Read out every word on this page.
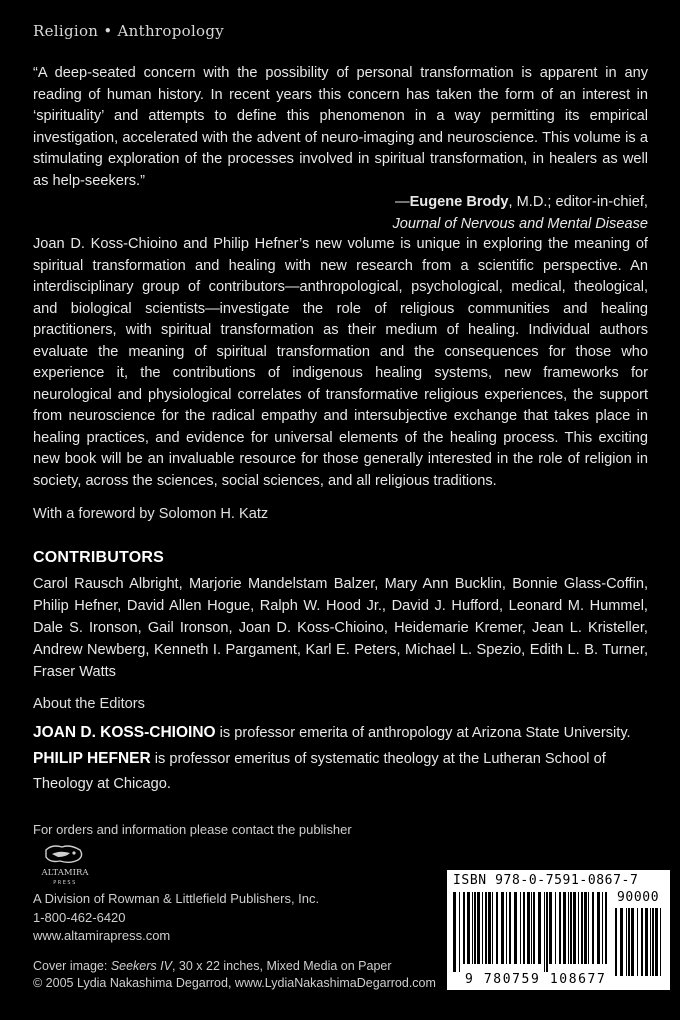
Religion • Anthropology
“A deep-seated concern with the possibility of personal transformation is apparent in any reading of human history. In recent years this concern has taken the form of an interest in ‘spirituality’ and attempts to define this phenomenon in a way permitting its empirical investigation, accelerated with the advent of neuro-imaging and neuroscience. This volume is a stimulating exploration of the processes involved in spiritual transformation, in healers as well as help-seekers.”
—Eugene Brody, M.D.; editor-in-chief,
Journal of Nervous and Mental Disease
Joan D. Koss-Chioino and Philip Hefner’s new volume is unique in exploring the meaning of spiritual transformation and healing with new research from a scientific perspective. An interdisciplinary group of contributors—anthropological, psychological, medical, theological, and biological scientists—investigate the role of religious communities and healing practitioners, with spiritual transformation as their medium of healing. Individual authors evaluate the meaning of spiritual transformation and the consequences for those who experience it, the contributions of indigenous healing systems, new frameworks for neurological and physiological correlates of transformative religious experiences, the support from neuroscience for the radical empathy and intersubjective exchange that takes place in healing practices, and evidence for universal elements of the healing process. This exciting new book will be an invaluable resource for those generally interested in the role of religion in society, across the sciences, social sciences, and all religious traditions.
With a foreword by Solomon H. Katz
CONTRIBUTORS
Carol Rausch Albright, Marjorie Mandelstam Balzer, Mary Ann Bucklin, Bonnie Glass-Coffin, Philip Hefner, David Allen Hogue, Ralph W. Hood Jr., David J. Hufford, Leonard M. Hummel, Dale S. Ironson, Gail Ironson, Joan D. Koss-Chioino, Heidemarie Kremer, Jean L. Kristeller, Andrew Newberg, Kenneth I. Pargament, Karl E. Peters, Michael L. Spezio, Edith L. B. Turner, Fraser Watts
About the Editors
JOAN D. KOSS-CHIOINO is professor emerita of anthropology at Arizona State University.
PHILIP HEFNER is professor emeritus of systematic theology at the Lutheran School of Theology at Chicago.
For orders and information please contact the publisher
ALTAMIRA
PRESS
A Division of Rowman & Littlefield Publishers, Inc.
1-800-462-6420
www.altamirapress.com
Cover image: Seekers IV, 30 x 22 inches, Mixed Media on Paper
© 2005 Lydia Nakashima Degarrod, www.LydiaNakashimaDegarrod.com
ISBN 978-0-7591-0867-7
90000
9 780759 108677
